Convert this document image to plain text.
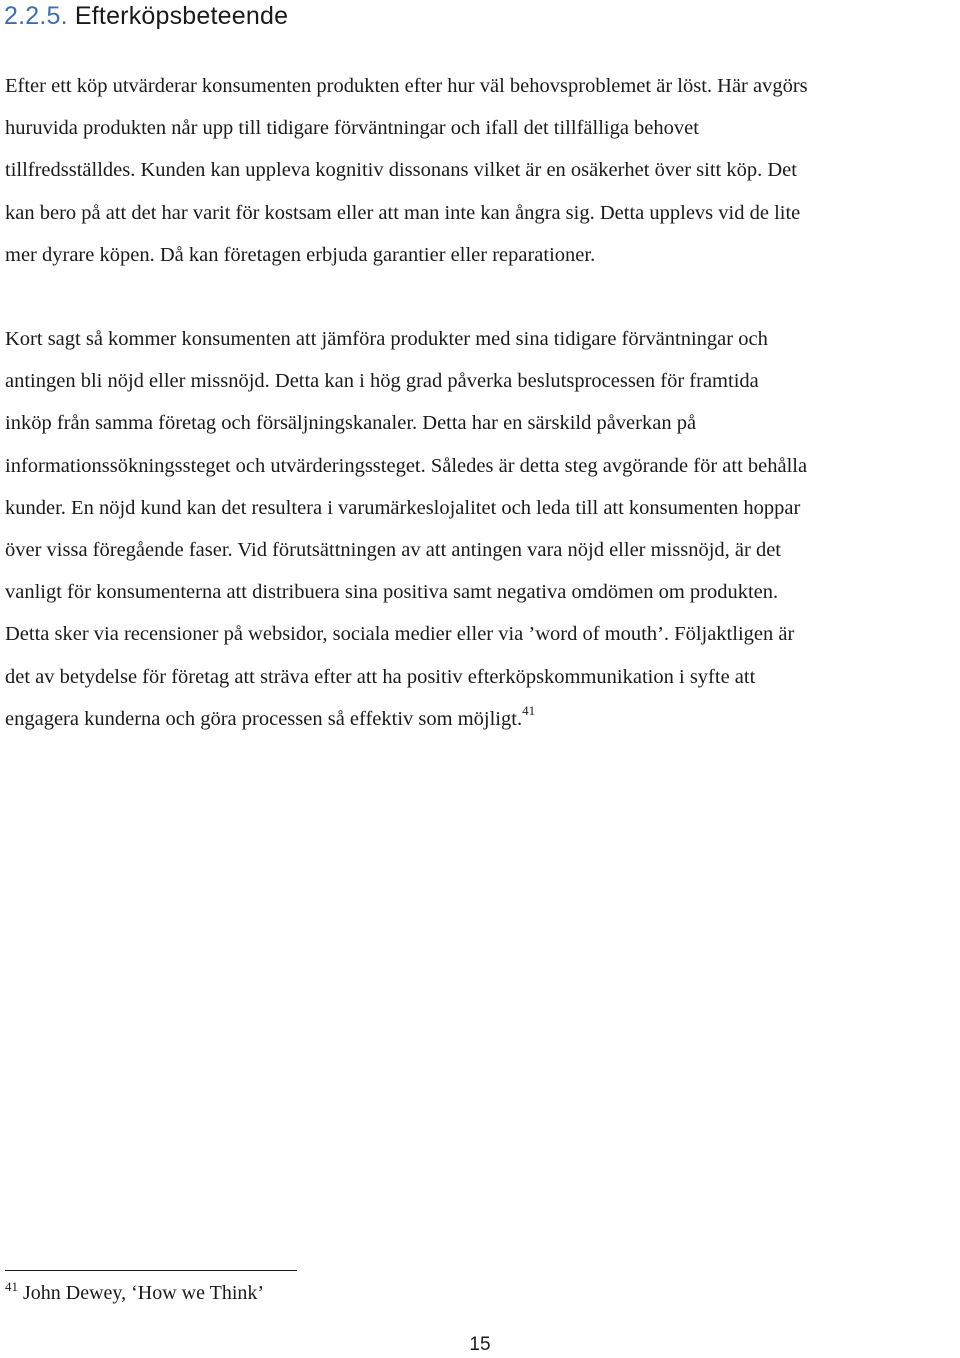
2.2.5. Efterköpsbeteende

Efter ett köp utvärderar konsumenten produkten efter hur väl behovsproblemet är löst. Här avgörs
huruvida produkten når upp till tidigare förväntningar och ifall det tillfälliga behovet
tillfredsställdes. Kunden kan uppleva kognitiv dissonans vilket är en osäkerhet över sitt köp. Det
kan bero på att det har varit för kostsam eller att man inte kan ångra sig. Detta upplevs vid de lite
mer dyrare köpen. Då kan företagen erbjuda garantier eller reparationer.

Kort sagt så kommer konsumenten att jämföra produkter med sina tidigare förväntningar och
antingen bli nöjd eller missnöjd. Detta kan i hög grad påverka beslutsprocessen för framtida
inköp från samma företag och försäljningskanaler. Detta har en särskild påverkan på
informationssökningssteget och utvärderingssteget. Således är detta steg avgörande för att behålla
kunder. En nöjd kund kan det resultera i varumärkeslojalitet och leda till att konsumenten hoppar
över vissa föregående faser. Vid förutsättningen av att antingen vara nöjd eller missnöjd, är det
vanligt för konsumenterna att distribuera sina positiva samt negativa omdömen om produkten.
Detta sker via recensioner på websidor, sociala medier eller via ’word of mouth’. Följaktligen är
det av betydelse för företag att sträva efter att ha positiv efterköpskommunikation i syfte att
engagera kunderna och göra processen så effektiv som möjligt.$^{41}$

$^{41}$ John Dewey, ‘How we Think’

15
